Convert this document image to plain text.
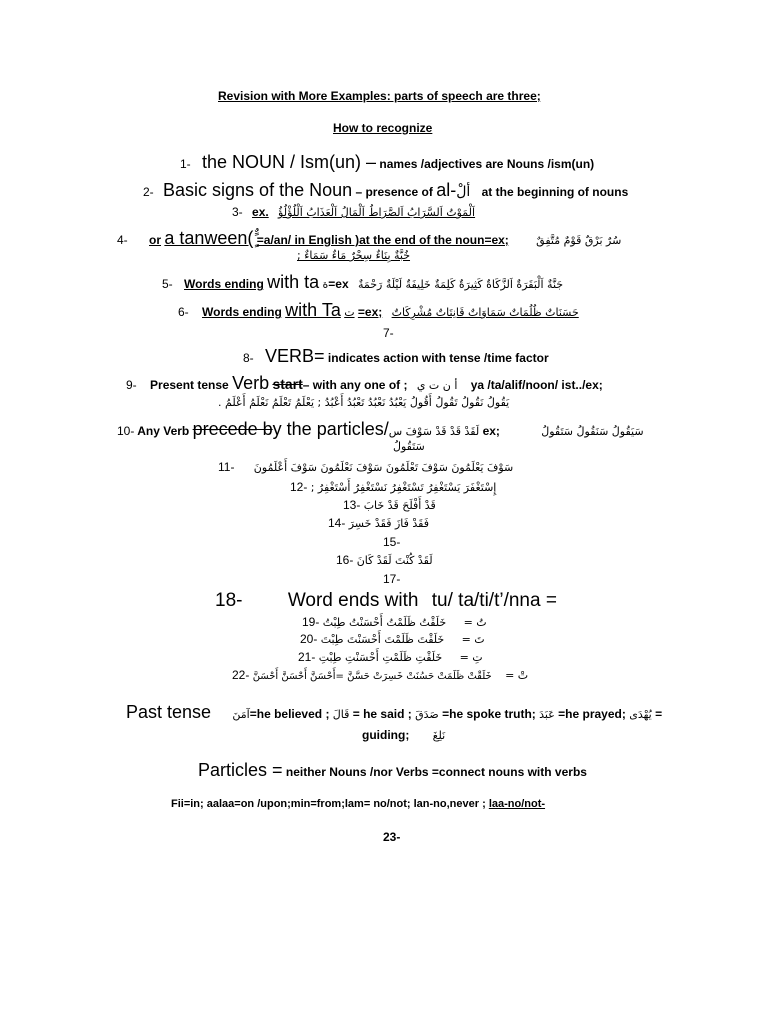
Revision with More Examples: parts of speech are three;
How to recognize
1- the NOUN / Ism(un) – names /adjectives are Nouns /ism(un)
2- Basic signs of the Noun – presence of al-ألْ at the beginning of nouns
3- ex. اَلْمَوْتُ اَلسَّرَابُ اَلصَّرَاطُ اَلْمَالُ اَلْعَذَابُ اَلْلُؤْلُؤُ
4- or a tanween( =a/an/ in English )at the end of the noun=ex; سُرٌ بَرْقٌ قَوْمٌ مُتَّفِقٌ
خُبَّةٌ بِنَاءٌ سِحْرٌ مَاءٌ سَمَاءٌ ;
5- Words ending with ta ة=ex جَنَّةٌ اَلْبَقَرَةٌ اَلزَّكَاةٌ كَثِيرَةٌ كَلِمَةٌ خَلِيفَةٌ لَيْلَةٌ رَحْمَةٌ
6- Words ending with Ta ت =ex; حَسَنَاتٌ ظُلُمَاتٌ سَمَاوَاتٌ قَانِتَاتٌ مُشْرِكَاتٌ
7-
8- VERB= indicates action with tense /time factor
9- Present tense Verb start– with any one of ; أ ن ت ي ya /ta/alif/noon/ ist../ex;
يَقُولُ نَقُولُ تَقُولُ أَقُولُ يَعْبُدُ نَعْبُدُ تَعْبُدُ أَعْبُدُ ; يَعْلَمُ تَعْلَمُ نَعْلَمُ أَعْلَمُ .
10- Any Verb precede by the particles/لَقَدْ قَدْ قَدْ سَوْفَ س ex;	سَيَقُولُ سَنَقُولُ سَتَقُولُ
سَتَقُولُ
11- سَوْفَ يَعْلَمُونَ سَوْفَ تَعْلَمُونَ سَوْفَ نَعْلَمُونَ سَوْفَ أَعْلَمُونَ
12- إِسْتَغْفَرَ يَسْتَغْفِرُ تَسْتَغْفِرُ نَسْتَغْفِرُ أَسْتَغْفِرُ ;
13- قَدْ أَفْلَحَ قَدْ خَابَ
14- فَقَدْ فَازَ فَقَدْ خَسِرَ
15-
16- لَقَدْ كُنْتَ لَقَدْ كَانَ
17-
18- Word ends with tu/ ta/ti/t’/nna =
19- خَلَقْتُ ظَلَمْتُ أَحْسَنْتُ طِبْتُ تُ =
20- خَلَقْتَ ظَلَمْتَ أَحْسَنْتَ طِبْتَ تَ =
21- خَلَقْتِ ظَلَمْتِ أَحْسَنْتِ طِبْتِ تِ =
22- خَلَقْتْ ظَلَمَتْ حَسُنَتْ خَسِرَتْ حَسَّنَّ =أَحْسَنَّ أَحْسَنَّ أَحْسَنَّ تْ =
Past tense آمَنَ=he believed ; قَالَ = he said ; صَدَقَ =he spoke truth; عَبَدَ =he prayed; يُهْدَى =
guiding; نَلِغَ
Particles = neither Nouns /nor Verbs =connect nouns with verbs
Fii=in; aalaa=on /upon;min=from;lam= no/not; lan-no,never ; laa-no/not-
23-
